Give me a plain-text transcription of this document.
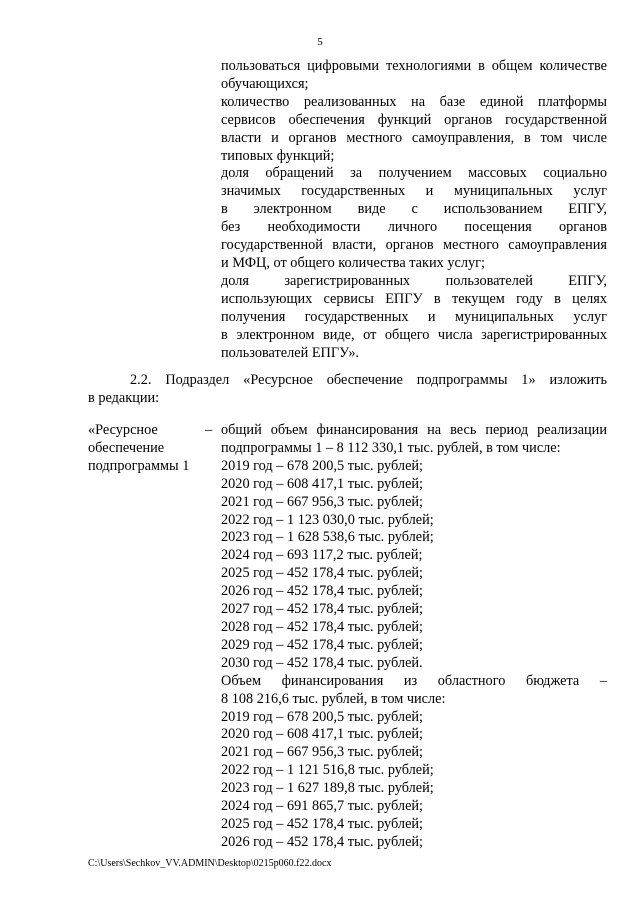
5
пользоваться цифровыми технологиями в общем количестве
обучающихся;
количество реализованных на базе единой платформы
сервисов обеспечения функций органов государственной
власти и органов местного самоуправления, в том числе
типовых функций;
доля обращений за получением массовых социально
значимых государственных и муниципальных услуг
в электронном виде с использованием ЕПГУ,
без необходимости личного посещения органов
государственной власти, органов местного самоуправления
и МФЦ, от общего количества таких услуг;
доля зарегистрированных пользователей ЕПГУ,
использующих сервисы ЕПГУ в текущем году в целях
получения государственных и муниципальных услуг
в электронном виде, от общего числа зарегистрированных
пользователей ЕПГУ».
2.2. Подраздел «Ресурсное обеспечение подпрограммы 1» изложить
в редакции:
«Ресурсное
обеспечение
подпрограммы 1
– общий объем финансирования на весь период реализации
подпрограммы 1 – 8 112 330,1 тыс. рублей, в том числе:
2019 год – 678 200,5 тыс. рублей;
2020 год – 608 417,1 тыс. рублей;
2021 год – 667 956,3 тыс. рублей;
2022 год – 1 123 030,0 тыс. рублей;
2023 год – 1 628 538,6 тыс. рублей;
2024 год – 693 117,2 тыс. рублей;
2025 год – 452 178,4 тыс. рублей;
2026 год – 452 178,4 тыс. рублей;
2027 год – 452 178,4 тыс. рублей;
2028 год – 452 178,4 тыс. рублей;
2029 год – 452 178,4 тыс. рублей;
2030 год – 452 178,4 тыс. рублей.
Объем финансирования из областного бюджета –
8 108 216,6 тыс. рублей, в том числе:
2019 год – 678 200,5 тыс. рублей;
2020 год – 608 417,1 тыс. рублей;
2021 год – 667 956,3 тыс. рублей;
2022 год – 1 121 516,8 тыс. рублей;
2023 год – 1 627 189,8 тыс. рублей;
2024 год – 691 865,7 тыс. рублей;
2025 год – 452 178,4 тыс. рублей;
2026 год – 452 178,4 тыс. рублей;
C:\Users\Sechkov_VV.ADMIN\Desktop\0215p060.f22.docx
